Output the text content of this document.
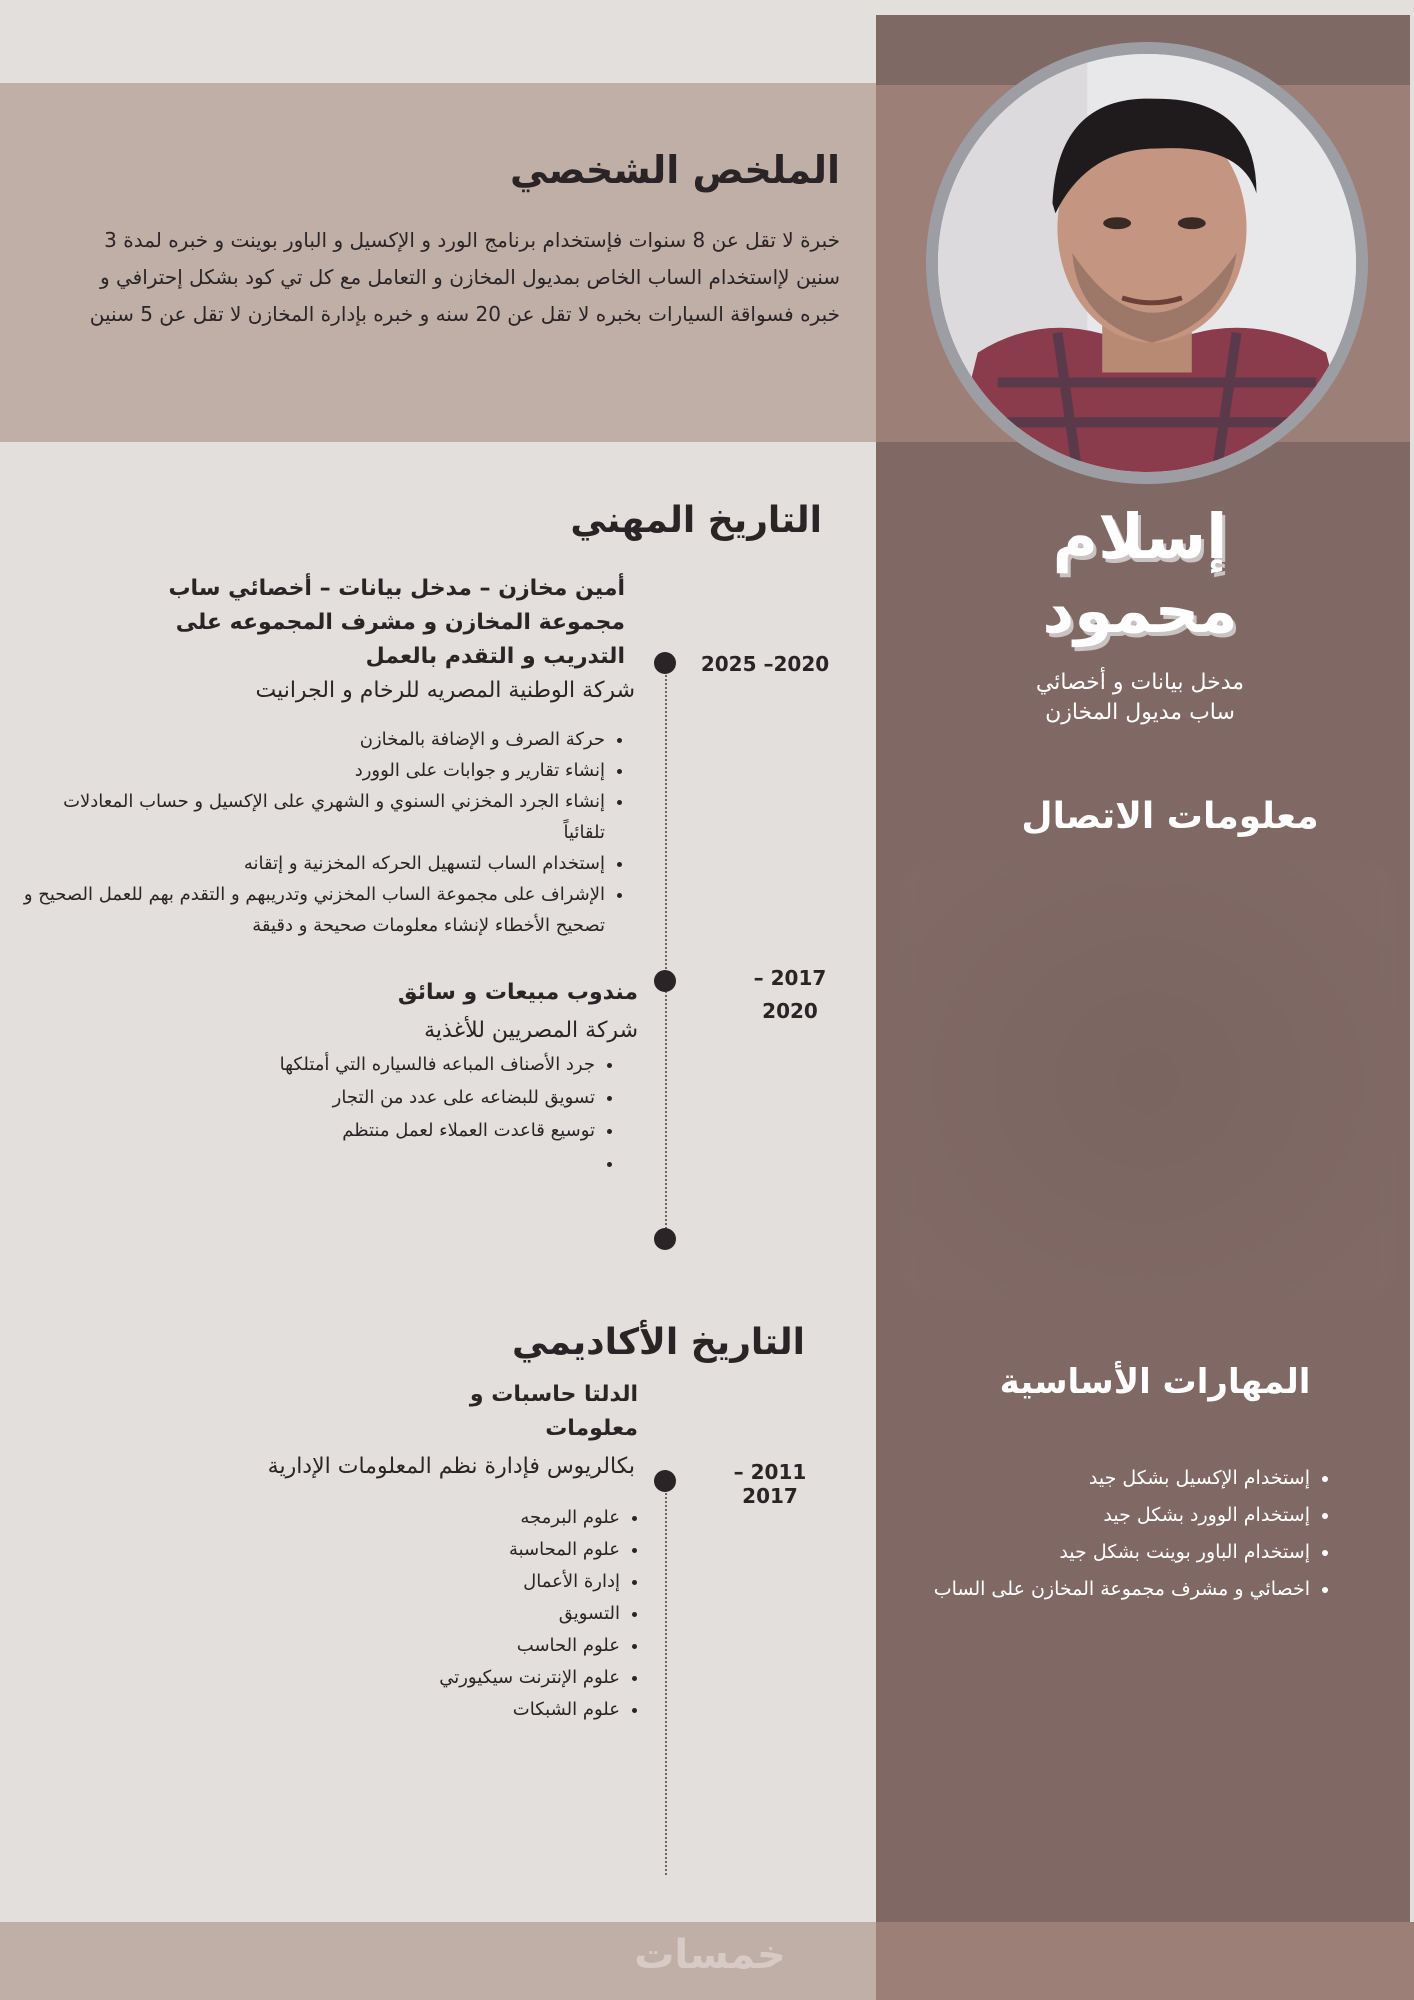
إسلام محمود
مدخل بيانات و أخصائي ساب مديول المخازن
معلومات الاتصال
المهارات الأساسية
• إستخدام الإكسيل بشكل جيد
• إستخدام الوورد بشكل جيد
• إستخدام الباور بوينت بشكل جيد
• اخصائي و مشرف مجموعة المخازن على الساب
الملخص الشخصي
خبرة لا تقل عن 8 سنوات فإستخدام برنامج الورد و الإكسيل و الباور بوينت و خبره لمدة 3 سنين لإاستخدام الساب الخاص بمديول المخازن و التعامل مع كل تي كود بشكل إحترافي و خبره فسواقة السيارات بخبره لا تقل عن 20 سنه و خبره بإدارة المخازن لا تقل عن 5 سنين
التاريخ المهني
أمين مخازن – مدخل بيانات – أخصائي ساب مجموعة المخازن و مشرف المجموعه على التدريب و التقدم بالعمل
شركة الوطنية المصريه للرخام و الجرانيت
2020– 2025
• حركة الصرف و الإضافة بالمخازن
• إنشاء تقارير و جوابات على الوورد
• إنشاء الجرد المخزني السنوي و الشهري على الإكسيل و حساب المعادلات تلقائياً
• إستخدام الساب لتسهيل الحركه المخزنية و إتقانه
• الإشراف على مجموعة الساب المخزني وتدريبهم و التقدم بهم للعمل الصحيح و تصحيح الأخطاء لإنشاء معلومات صحيحة و دقيقة
مندوب مبيعات و سائق
شركة المصريين للأغذية
2017 – 2020
• جرد الأصناف المباعه فالسياره التي أمتلكها
• تسويق للبضاعه على عدد من التجار
• توسيع قاعدت العملاء لعمل منتظم
•
التاريخ الأكاديمي
الدلتا حاسبات و معلومات
بكالريوس فإدارة نظم المعلومات الإدارية	2011 – 2017
• علوم البرمجه
• علوم المحاسبة
• إدارة الأعمال
• التسويق
• علوم الحاسب
• علوم الإنترنت سيكيورتي
• علوم الشبكات
خمسات
